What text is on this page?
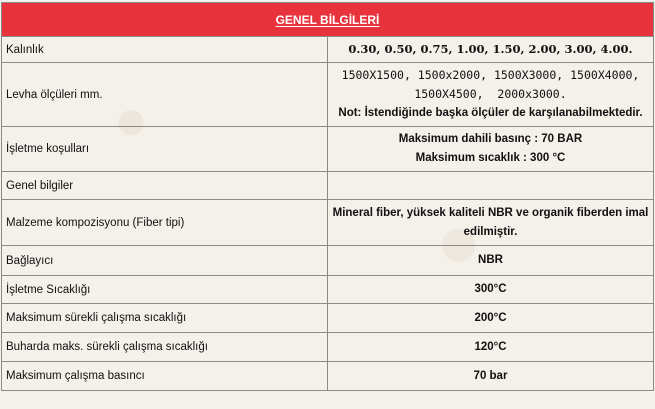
GENEL BİLGİLERİ	
Kalınlık	0.30, 0.50, 0.75, 1.00, 1.50, 2.00, 3.00, 4.00.
Levha ölçüleri mm.	1500X1500, 1500x2000, 1500X3000, 1500X4000,
1500X4500,  2000x3000.
Not: İstendiğinde başka ölçüler de karşılanabilmektedir.

İşletme koşulları	Maksimum dahili basınç : 70 BAR
Maksimum sıcaklık : 300 °C

Genel bilgiler	
Malzeme kompozisyonu (Fiber tipi)	Mineral fiber, yüksek kaliteli NBR ve organik fiberden imal
edilmiştir.

Bağlayıcı	NBR
İşletme Sıcaklığı	300°C
Maksimum sürekli çalışma sıcaklığı	200°C
Buharda maks. sürekli çalışma sıcaklığı	120°C
Maksimum çalışma basıncı	70 bar
